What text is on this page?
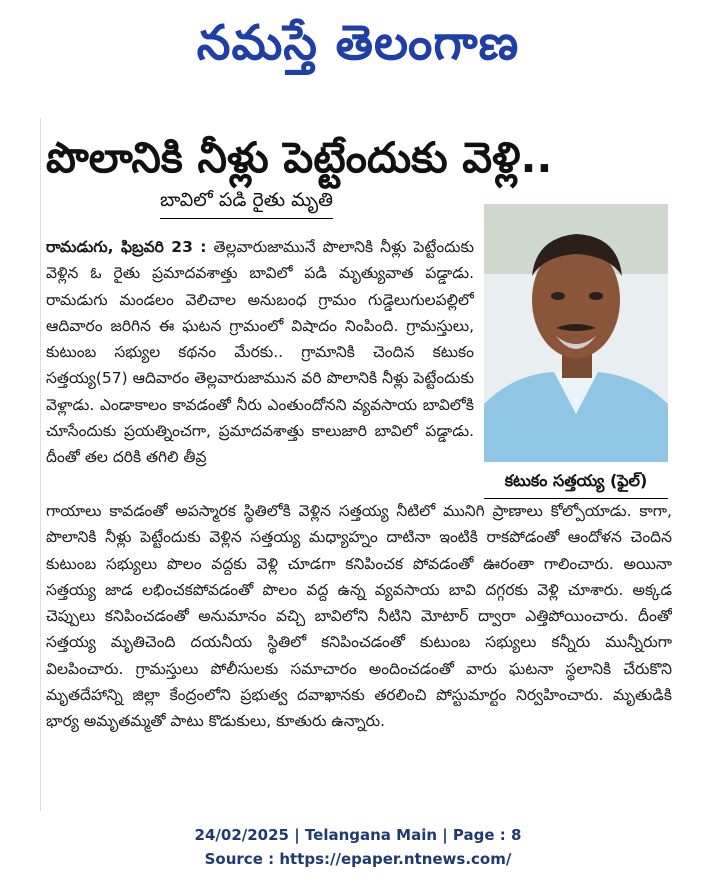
నమస్తే తెలంగాణ
పొలానికి నీళ్లు పెట్టేందుకు వెళ్లి..
బావిలో పడి రైతు మృతి
కటుకం సత్తయ్య (ఫైల్)
రామడుగు, ఫిబ్రవరి 23 : తెల్లవారుజామునే పొలానికి నీళ్లు పెట్టేందుకు వెళ్లిన ఓ రైతు ప్రమాదవశాత్తు బావిలో పడి మృత్యువాత పడ్డాడు. రామడుగు మండలం వెలిచాల అనుబంధ గ్రామం గుడ్డెలుగులపల్లిలో ఆదివారం జరిగిన ఈ ఘటన గ్రామంలో విషాదం నింపింది. గ్రామస్తులు, కుటుంబ సభ్యుల కథనం మేరకు.. గ్రామానికి చెందిన కటుకం సత్తయ్య(57) ఆదివారం తెల్లవారుజామున వరి పొలానికి నీళ్లు పెట్టేందుకు వెళ్లాడు. ఎండాకాలం కావడంతో నీరు ఎంతుందోనని వ్యవసాయ బావిలోకి చూసేందుకు ప్రయత్నించగా, ప్రమాదవశాత్తు కాలుజారి బావిలో పడ్డాడు. దీంతో తల దరికి తగిలి తీవ్ర
గాయాలు కావడంతో అపస్మారక స్థితిలోకి వెళ్లిన సత్తయ్య నీటిలో మునిగి ప్రాణాలు కోల్పోయాడు. కాగా, పొలానికి నీళ్లు పెట్టేందుకు వెళ్లిన సత్తయ్య మధ్యాహ్నం దాటినా ఇంటికి రాకపోడంతో ఆందోళన చెందిన కుటుంబ సభ్యులు పొలం వద్దకు వెళ్లి చూడగా కనిపించక పోవడంతో ఊరంతా గాలించారు. అయినా సత్తయ్య జాడ లభించకపోవడంతో పొలం వద్ద ఉన్న వ్యవసాయ బావి దగ్గరకు వెళ్లి చూశారు. అక్కడ చెప్పులు కనిపించడంతో అనుమానం వచ్చి బావిలోని నీటిని మోటార్ ద్వారా ఎత్తిపోయించారు. దీంతో సత్తయ్య మృతిచెంది దయనీయ స్థితిలో కనిపించడంతో కుటుంబ సభ్యులు కన్నీరు మున్నీరుగా విలపించారు. గ్రామస్తులు పోలీసులకు సమాచారం అందించడంతో వారు ఘటనా స్థలానికి చేరుకొని మృతదేహాన్ని జిల్లా కేంద్రంలోని ప్రభుత్వ దవాఖానకు తరలించి పోస్టుమార్టం నిర్వహించారు. మృతుడికి భార్య అమృతమ్మతో పాటు కొడుకులు, కూతురు ఉన్నారు.
24/02/2025 | Telangana Main | Page : 8
Source : https://epaper.ntnews.com/
